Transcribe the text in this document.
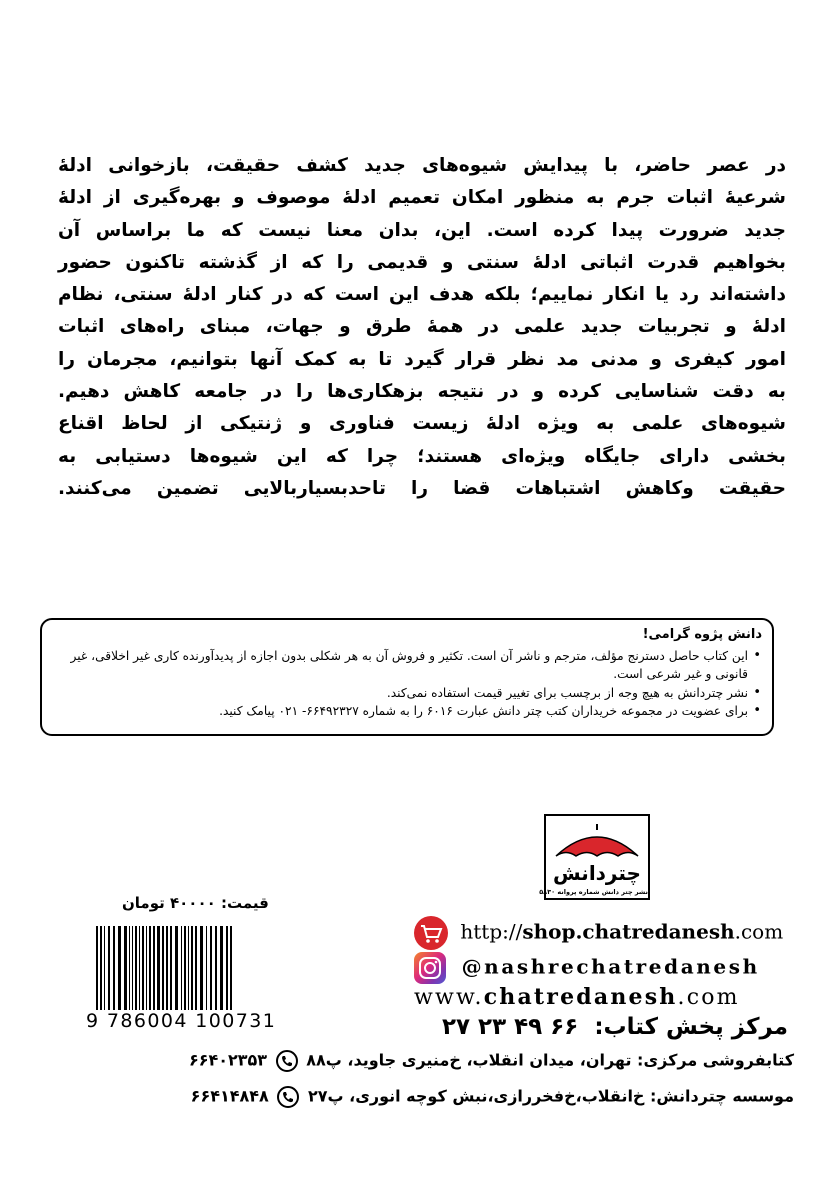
در عصر حاضر، با پیدایش شیوه‌های جدید کشف حقیقت، بازخوانی ادلۀ
شرعیۀ اثبات جرم به منظور امکان تعمیم ادلۀ موصوف و بهره‌گیری از ادلۀ
جدید ضرورت پیدا کرده است. این، بدان معنا نیست که ما براساس آن
بخواهیم قدرت اثباتی ادلۀ سنتی و قدیمی را که از گذشته تاکنون حضور
داشته‌اند رد یا انکار نماییم؛ بلکه هدف این است که در کنار ادلۀ سنتی، نظام
ادلۀ و تجربیات جدید علمی در همۀ طرق و جهات، مبنای راه‌های اثبات
امور کیفری و مدنی مد نظر قرار گیرد تا به کمک آنها بتوانیم، مجرمان را
به دقت شناسایی کرده و در نتیجه بزهکاری‌ها را در جامعه کاهش دهیم.
شیوه‌های علمی به ویژه ادلۀ زیست فناوری و ژنتیکی از لحاظ اقناع
بخشی دارای جایگاه ویژه‌ای هستند؛ چرا که این شیوه‌ها دستیابی به
حقیقت وکاهش اشتباهات قضا را تاحدبسیاربالایی تضمین می‌کنند.
دانش پژوه گرامی!
• این کتاب حاصل دسترنج مؤلف، مترجم و ناشر آن است. تکثیر و فروش آن به هر شکلی بدون اجازه از پدیدآورنده کاری غیر اخلاقی، غیر قانونی و غیر شرعی است.
• نشر چتردانش به هیچ وجه از برچسب برای تغییر قیمت استفاده نمی‌کند.
• برای عضویت در مجموعه خریداران کتب چتر دانش عبارت ۶۰۱۶ را به شماره ۶۶۴۹۲۳۲۷- ۰۲۱ پیامک کنید.
چتردانش
نشر چتر دانش شماره پروانه ۵۸۳۰
قیمت: ۴۰۰۰۰ تومان
9 786004 100731
http://shop.chatredanesh.com
@nashrechatredanesh
www.chatredanesh.com
مرکز پخش کتاب: ۶۶ ۴۹ ۲۳ ۲۷
کتابفروشی مرکزی: تهران، میدان انقلاب، خ‌منیری جاوید، پ۸۸
۶۶۴۰۲۳۵۳
موسسه چتردانش: خ‌انقلاب،خ‌فخررازی،نبش کوچه انوری، پ۲۷
۶۶۴۱۴۸۴۸
